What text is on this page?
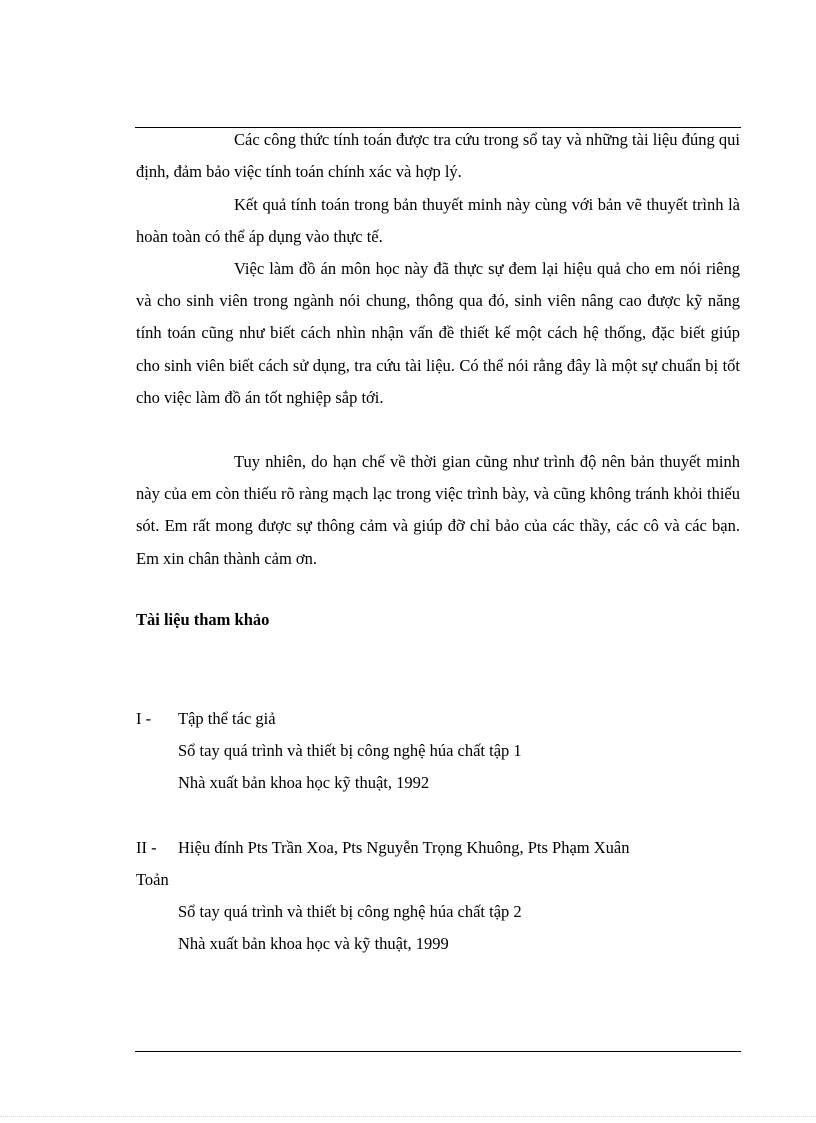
Các công thức tính toán được tra cứu trong sổ tay và những tài liệu đúng qui định, đảm bảo việc tính toán chính xác và hợp lý.

Kết quả tính toán trong bản thuyết minh này cùng với bản vẽ thuyết trình là hoàn toàn có thể áp dụng vào thực tế.

Việc làm đồ án môn học này đã thực sự đem lại hiệu quả cho em nói riêng và cho sinh viên trong ngành nói chung, thông qua đó, sinh viên nâng cao được kỹ năng tính toán cũng như biết cách nhìn nhận vấn đề thiết kế một cách hệ thống, đặc biết giúp cho sinh viên biết cách sử dụng, tra cứu tài liệu. Có thể nói rằng đây là một sự chuẩn bị tốt cho việc làm đồ án tốt nghiệp sắp tới.

Tuy nhiên, do hạn chế về thời gian cũng như trình độ nên bản thuyết minh này của em còn thiếu rõ ràng mạch lạc trong việc trình bày, và cũng không tránh khỏi thiếu sót. Em rất mong được sự thông cảm và giúp đỡ chỉ bảo của các thầy, các cô và các bạn. Em xin chân thành cảm ơn.

Tài liệu tham khảo

I - Tập thể tác giả
Sổ tay quá trình và thiết bị công nghệ húa chất tập 1
Nhà xuất bản khoa học kỹ thuật, 1992
II - Hiệu đính Pts Trần Xoa, Pts Nguyễn Trọng Khuông, Pts Phạm Xuân
Toản
Sổ tay quá trình và thiết bị công nghệ húa chất tập 2
Nhà xuất bản khoa học và kỹ thuật, 1999
